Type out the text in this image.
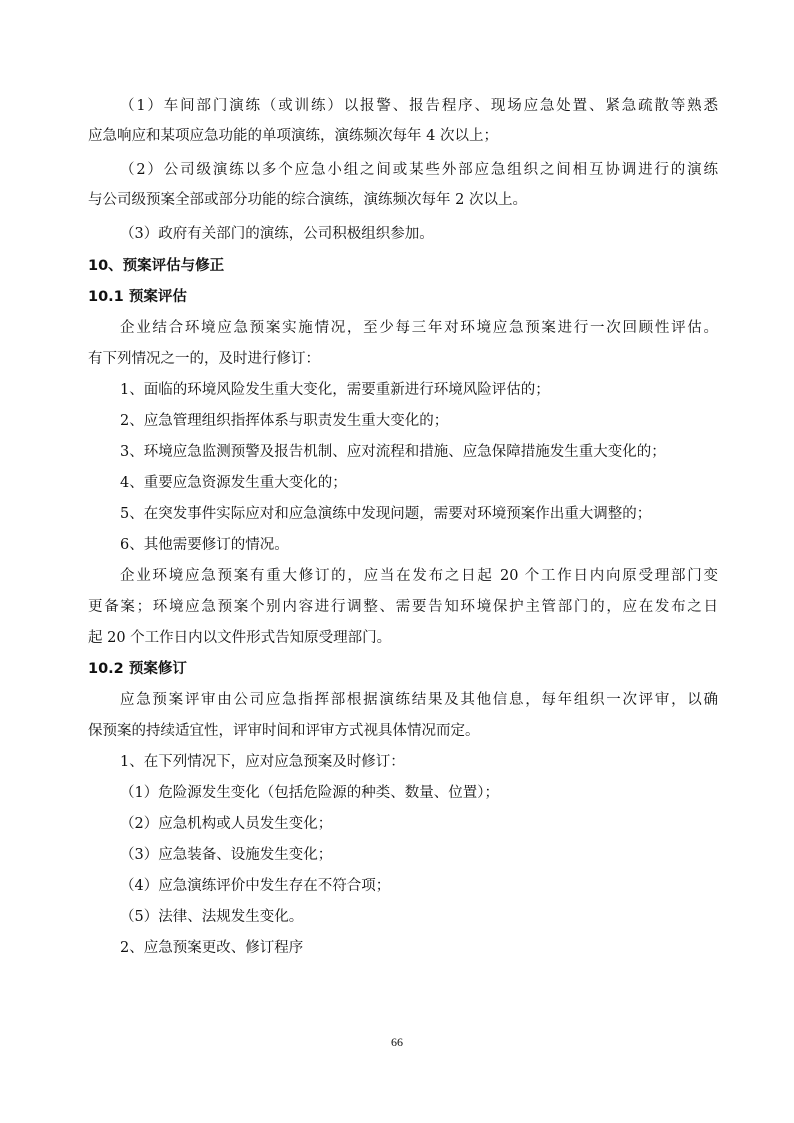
（1）车间部门演练（或训练）以报警、报告程序、现场应急处置、紧急疏散等熟悉
应急响应和某项应急功能的单项演练，演练频次每年 4 次以上；
（2）公司级演练以多个应急小组之间或某些外部应急组织之间相互协调进行的演练
与公司级预案全部或部分功能的综合演练，演练频次每年 2 次以上。
（3）政府有关部门的演练，公司积极组织参加。
10、预案评估与修正
10.1 预案评估
企业结合环境应急预案实施情况，至少每三年对环境应急预案进行一次回顾性评估。
有下列情况之一的，及时进行修订：
1、面临的环境风险发生重大变化，需要重新进行环境风险评估的；
2、应急管理组织指挥体系与职责发生重大变化的；
3、环境应急监测预警及报告机制、应对流程和措施、应急保障措施发生重大变化的；
4、重要应急资源发生重大变化的；
5、在突发事件实际应对和应急演练中发现问题，需要对环境预案作出重大调整的；
6、其他需要修订的情况。
企业环境应急预案有重大修订的，应当在发布之日起 20 个工作日内向原受理部门变
更备案；环境应急预案个别内容进行调整、需要告知环境保护主管部门的，应在发布之日
起 20 个工作日内以文件形式告知原受理部门。
10.2 预案修订
应急预案评审由公司应急指挥部根据演练结果及其他信息，每年组织一次评审，以确
保预案的持续适宜性，评审时间和评审方式视具体情况而定。
1、在下列情况下，应对应急预案及时修订：
（1）危险源发生变化（包括危险源的种类、数量、位置）；
（2）应急机构或人员发生变化；
（3）应急装备、设施发生变化；
（4）应急演练评价中发生存在不符合项；
（5）法律、法规发生变化。
2、应急预案更改、修订程序
66
